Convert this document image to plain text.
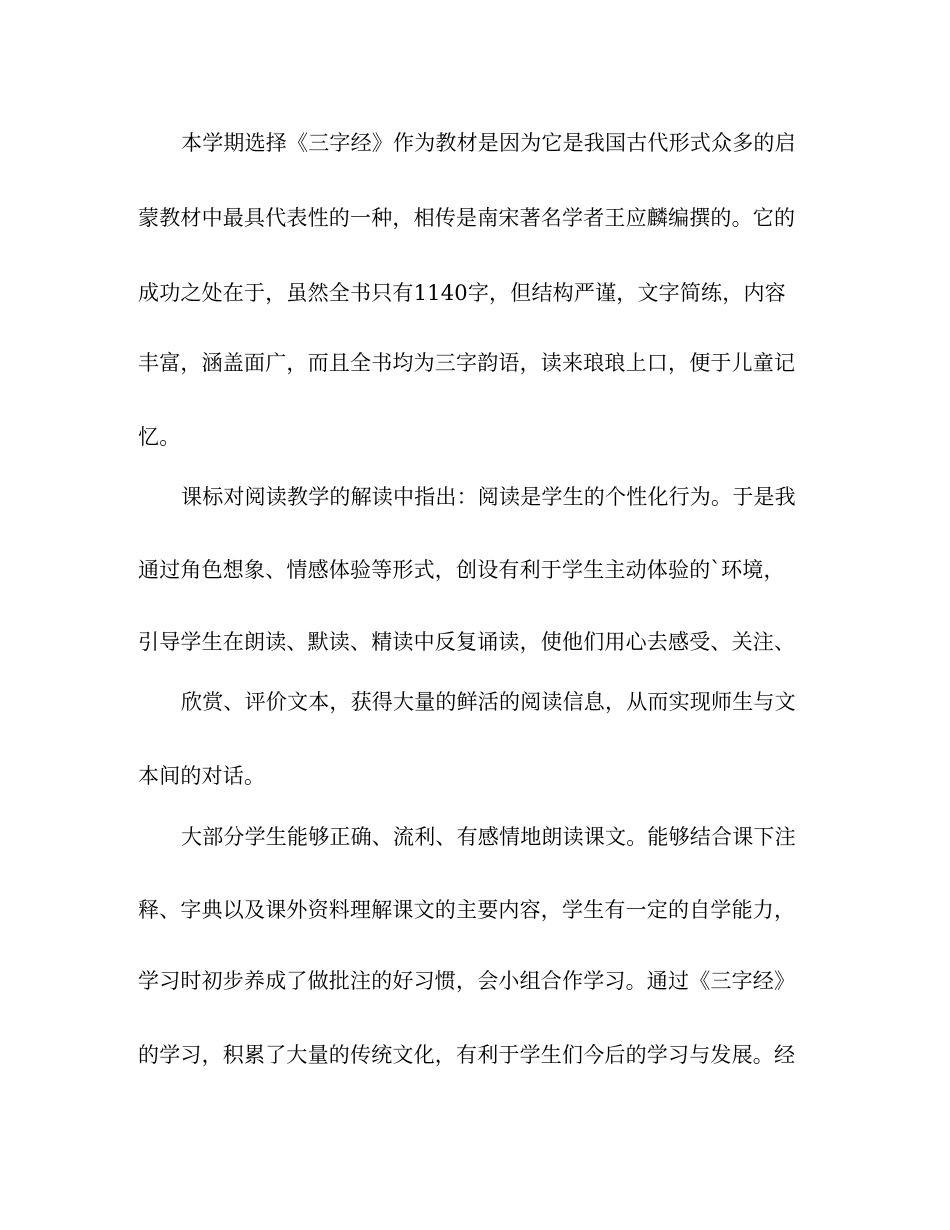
本学期选择《三字经》作为教材是因为它是我国古代形式众多的启
蒙教材中最具代表性的一种，相传是南宋著名学者王应麟编撰的。它的
成功之处在于，虽然全书只有1140字，但结构严谨，文字简练，内容
丰富，涵盖面广，而且全书均为三字韵语，读来琅琅上口，便于儿童记
忆。
课标对阅读教学的解读中指出：阅读是学生的个性化行为。于是我
通过角色想象、情感体验等形式，创设有利于学生主动体验的`环境，
引导学生在朗读、默读、精读中反复诵读，使他们用心去感受、关注、
欣赏、评价文本，获得大量的鲜活的阅读信息，从而实现师生与文
本间的对话。
大部分学生能够正确、流利、有感情地朗读课文。能够结合课下注
释、字典以及课外资料理解课文的主要内容，学生有一定的自学能力，
学习时初步养成了做批注的好习惯，会小组合作学习。通过《三字经》
的学习，积累了大量的传统文化，有利于学生们今后的学习与发展。经
